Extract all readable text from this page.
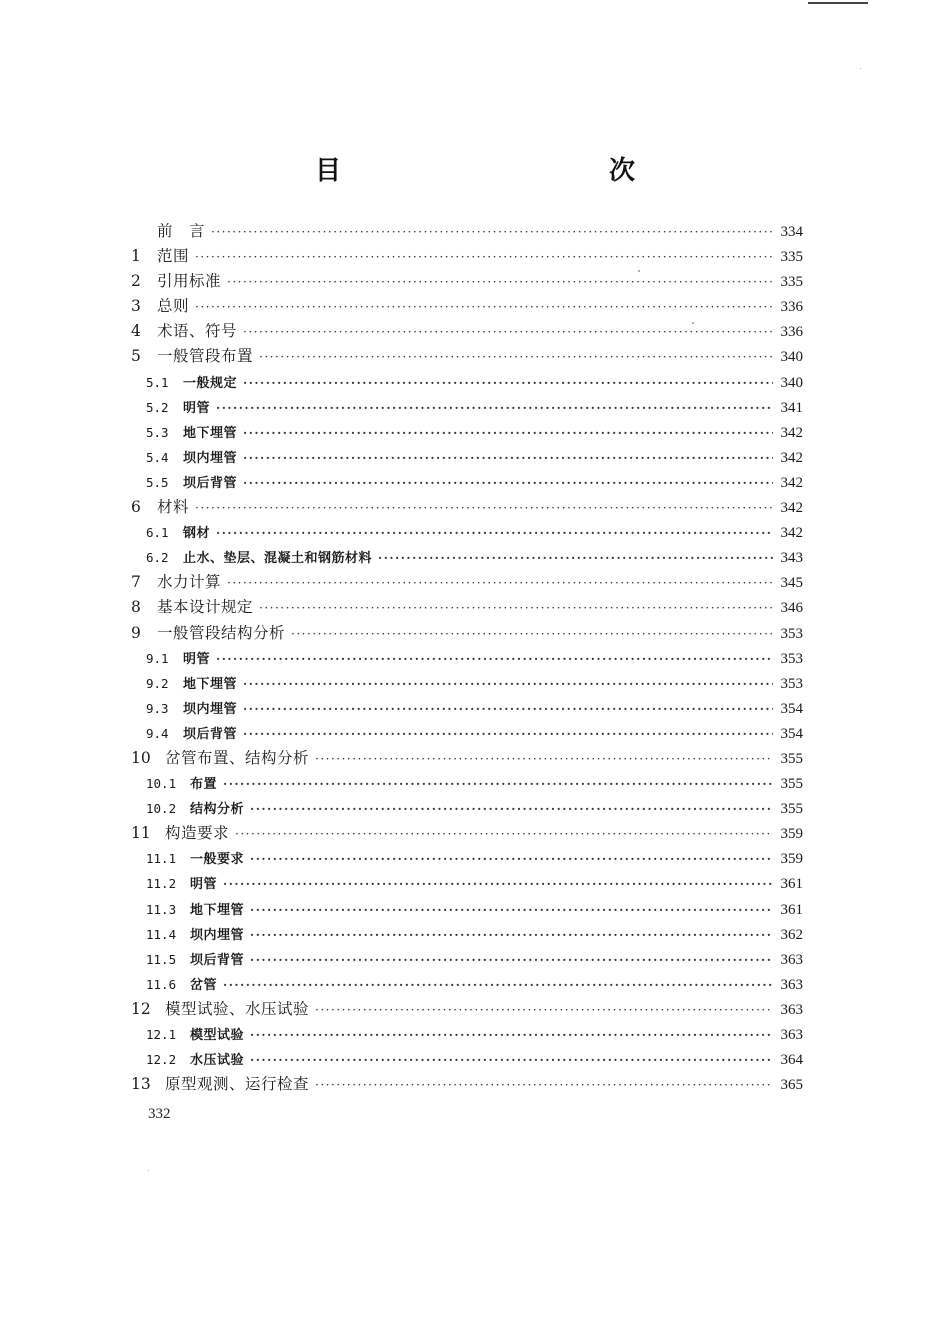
目　　次
前　言 ·····	334
1	范围 ·····	335
2	引用标准 ·····	335
3	总则 ·····	336
4	术语、符号 ·····	336
5	一般管段布置 ·····	340
5.1	一般规定 ·····	340
5.2	明管 ·····	341
5.3	地下埋管 ·····	342
5.4	坝内埋管 ·····	342
5.5	坝后背管 ·····	342
6	材料 ·····	342
6.1	钢材 ·····	342
6.2	止水、垫层、混凝土和钢筋材料 ·····	343
7	水力计算 ·····	345
8	基本设计规定 ·····	346
9	一般管段结构分析 ·····	353
9.1	明管 ·····	353
9.2	地下埋管 ·····	353
9.3	坝内埋管 ·····	354
9.4	坝后背管 ·····	354
10 岔管布置、结构分析 ·····	355
10.1	布置 ·····	355
10.2	结构分析 ·····	355
11 构造要求 ·····	359
11.1	一般要求 ·····	359
11.2	明管 ·····	361
11.3	地下埋管 ·····	361
11.4	坝内埋管 ·····	362
11.5	坝后背管 ·····	363
11.6	岔管 ·····	363
12 模型试验、水压试验 ·····	363
12.1	模型试验 ·····	363
12.2	水压试验 ·····	364
13 原型观测、运行检查 ·····	365
332
